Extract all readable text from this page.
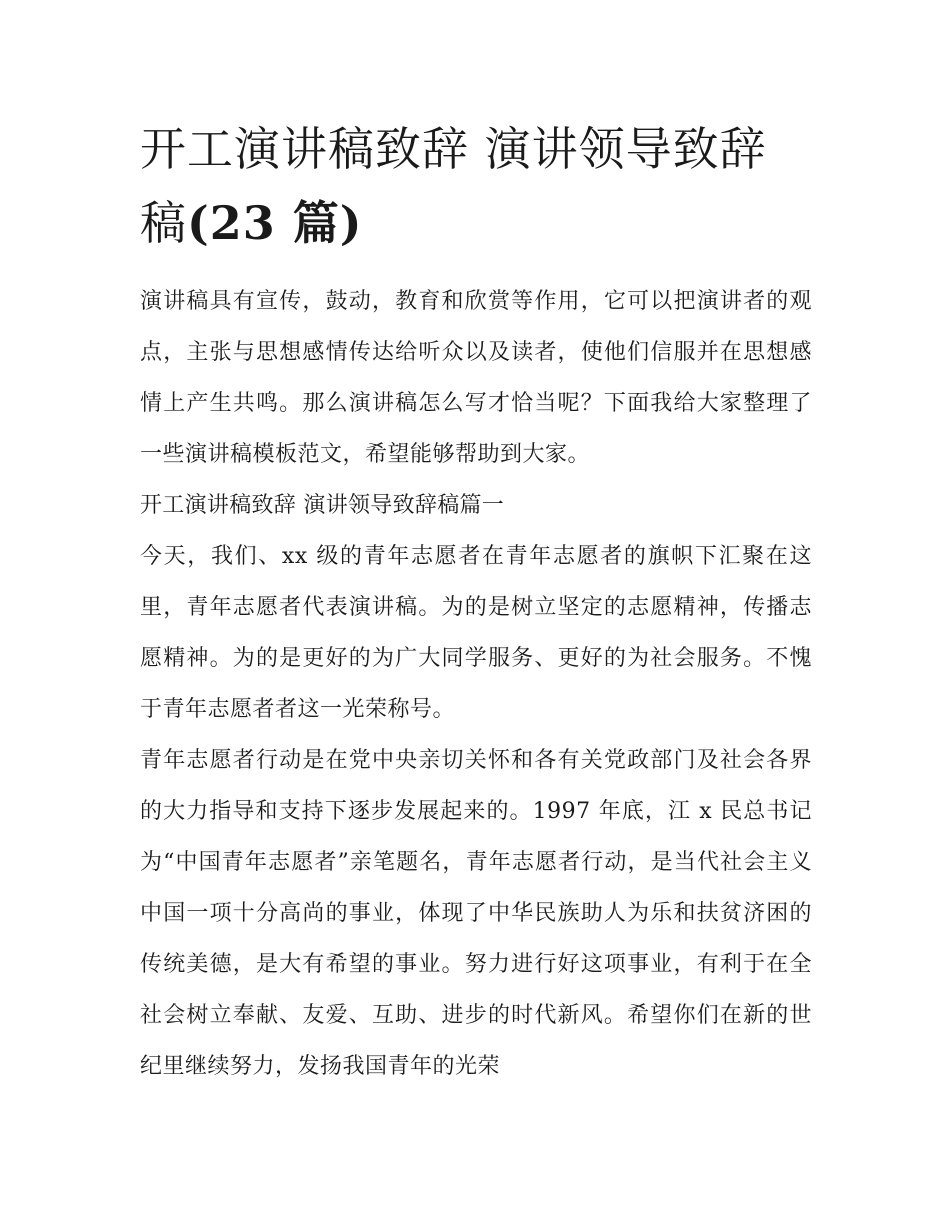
开工演讲稿致辞 演讲领导致辞稿(23 篇)

演讲稿具有宣传，鼓动，教育和欣赏等作用，它可以把演讲者的观点，主张与思想感情传达给听众以及读者，使他们信服并在思想感情上产生共鸣。那么演讲稿怎么写才恰当呢？下面我给大家整理了一些演讲稿模板范文，希望能够帮助到大家。

开工演讲稿致辞 演讲领导致辞稿篇一

今天，我们、xx 级的青年志愿者在青年志愿者的旗帜下汇聚在这里，青年志愿者代表演讲稿。为的是树立坚定的志愿精神，传播志愿精神。为的是更好的为广大同学服务、更好的为社会服务。不愧于青年志愿者者这一光荣称号。

青年志愿者行动是在党中央亲切关怀和各有关党政部门及社会各界的大力指导和支持下逐步发展起来的。1997 年底，江 x 民总书记为“中国青年志愿者”亲笔题名，青年志愿者行动，是当代社会主义中国一项十分高尚的事业，体现了中华民族助人为乐和扶贫济困的传统美德，是大有希望的事业。努力进行好这项事业，有利于在全社会树立奉献、友爱、互助、进步的时代新风。希望你们在新的世纪里继续努力，发扬我国青年的光荣
